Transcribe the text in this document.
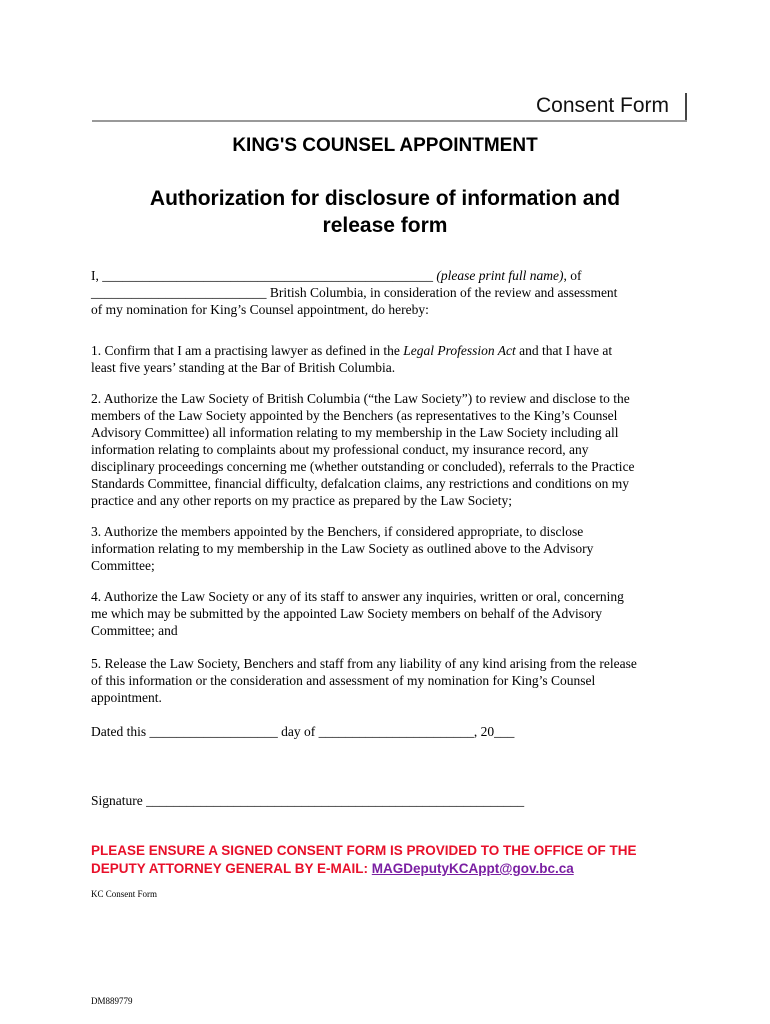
Consent Form
KING'S COUNSEL APPOINTMENT
Authorization for disclosure of information and
release form
I, _________________________________________________ (please print full name), of
__________________________ British Columbia, in consideration of the review and assessment
of my nomination for King’s Counsel appointment, do hereby:
1. Confirm that I am a practising lawyer as defined in the Legal Profession Act and that I have at
least five years’ standing at the Bar of British Columbia.
2. Authorize the Law Society of British Columbia (“the Law Society”) to review and disclose to the
members of the Law Society appointed by the Benchers (as representatives to the King’s Counsel
Advisory Committee) all information relating to my membership in the Law Society including all
information relating to complaints about my professional conduct, my insurance record, any
disciplinary proceedings concerning me (whether outstanding or concluded), referrals to the Practice
Standards Committee, financial difficulty, defalcation claims, any restrictions and conditions on my
practice and any other reports on my practice as prepared by the Law Society;
3. Authorize the members appointed by the Benchers, if considered appropriate, to disclose
information relating to my membership in the Law Society as outlined above to the Advisory
Committee;
4. Authorize the Law Society or any of its staff to answer any inquiries, written or oral, concerning
me which may be submitted by the appointed Law Society members on behalf of the Advisory
Committee; and
5. Release the Law Society, Benchers and staff from any liability of any kind arising from the release
of this information or the consideration and assessment of my nomination for King’s Counsel
appointment.
Dated this ___________________ day of _______________________, 20___
Signature ________________________________________________________
PLEASE ENSURE A SIGNED CONSENT FORM IS PROVIDED TO THE OFFICE OF THE
DEPUTY ATTORNEY GENERAL BY E-MAIL: MAGDeputyKCAppt@gov.bc.ca
KC Consent Form
DM889779
